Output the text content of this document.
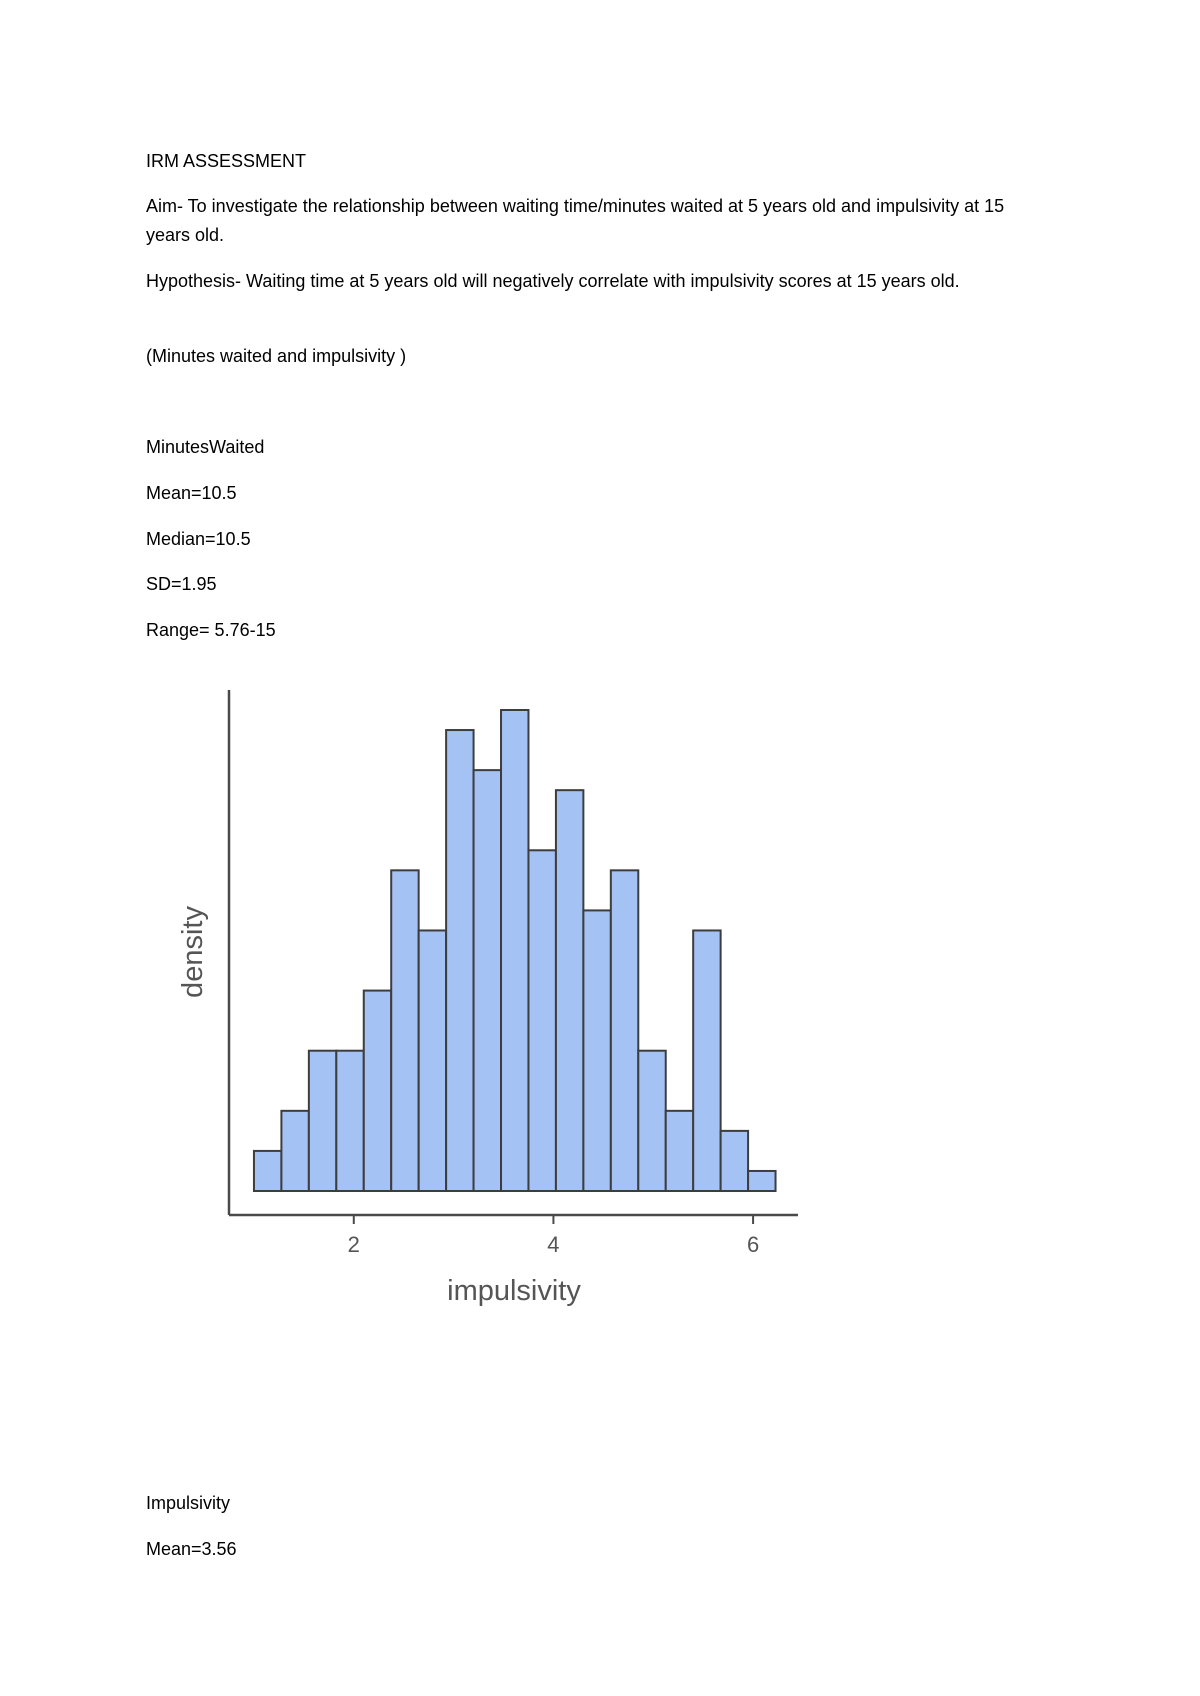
IRM ASSESSMENT

Aim- To investigate the relationship between waiting time/minutes waited at 5 years old and impulsivity at 15 years old.

Hypothesis- Waiting time at 5 years old will negatively correlate with impulsivity scores at 15 years old.

(Minutes waited and impulsivity )

MinutesWaited

Mean=10.5

Median=10.5

SD=1.95

Range= 5.76-15

2	4	6
impulsivity
density

Impulsivity

Mean=3.56
